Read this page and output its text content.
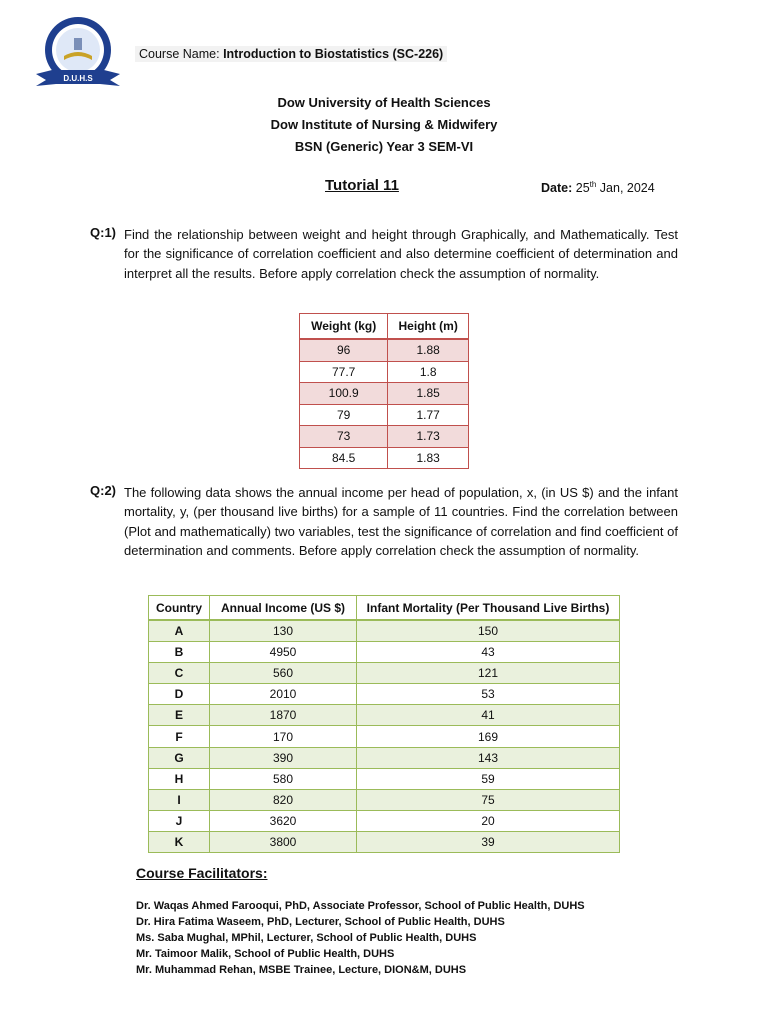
D.U.H.S
Course Name: Introduction to Biostatistics (SC-226)
Dow University of Health Sciences
Dow Institute of Nursing & Midwifery
BSN (Generic) Year 3 SEM-VI
Tutorial 11	Date: 25th Jan, 2024
Q:1) Find the relationship between weight and height through Graphically, and Mathematically. Test for the significance of correlation coefficient and also determine coefficient of determination and interpret all the results. Before apply correlation check the assumption of normality.
Weight (kg)	Height (m)
96	1.88
77.7	1.8
100.9	1.85
79	1.77
73	1.73
84.5	1.83
Q:2) The following data shows the annual income per head of population, x, (in US $) and the infant mortality, y, (per thousand live births) for a sample of 11 countries. Find the correlation between (Plot and mathematically) two variables, test the significance of correlation and find coefficient of determination and comments. Before apply correlation check the assumption of normality.
Country	Annual Income (US $)	Infant Mortality (Per Thousand Live Births)
A	130	150
B	4950	43
C	560	121
D	2010	53
E	1870	41
F	170	169
G	390	143
H	580	59
I	820	75
J	3620	20
K	3800	39
Course Facilitators:
Dr. Waqas Ahmed Farooqui, PhD, Associate Professor, School of Public Health, DUHS
Dr. Hira Fatima Waseem, PhD, Lecturer, School of Public Health, DUHS
Ms. Saba Mughal, MPhil, Lecturer, School of Public Health, DUHS
Mr. Taimoor Malik, School of Public Health, DUHS
Mr. Muhammad Rehan, MSBE Trainee, Lecture, DION&M, DUHS
